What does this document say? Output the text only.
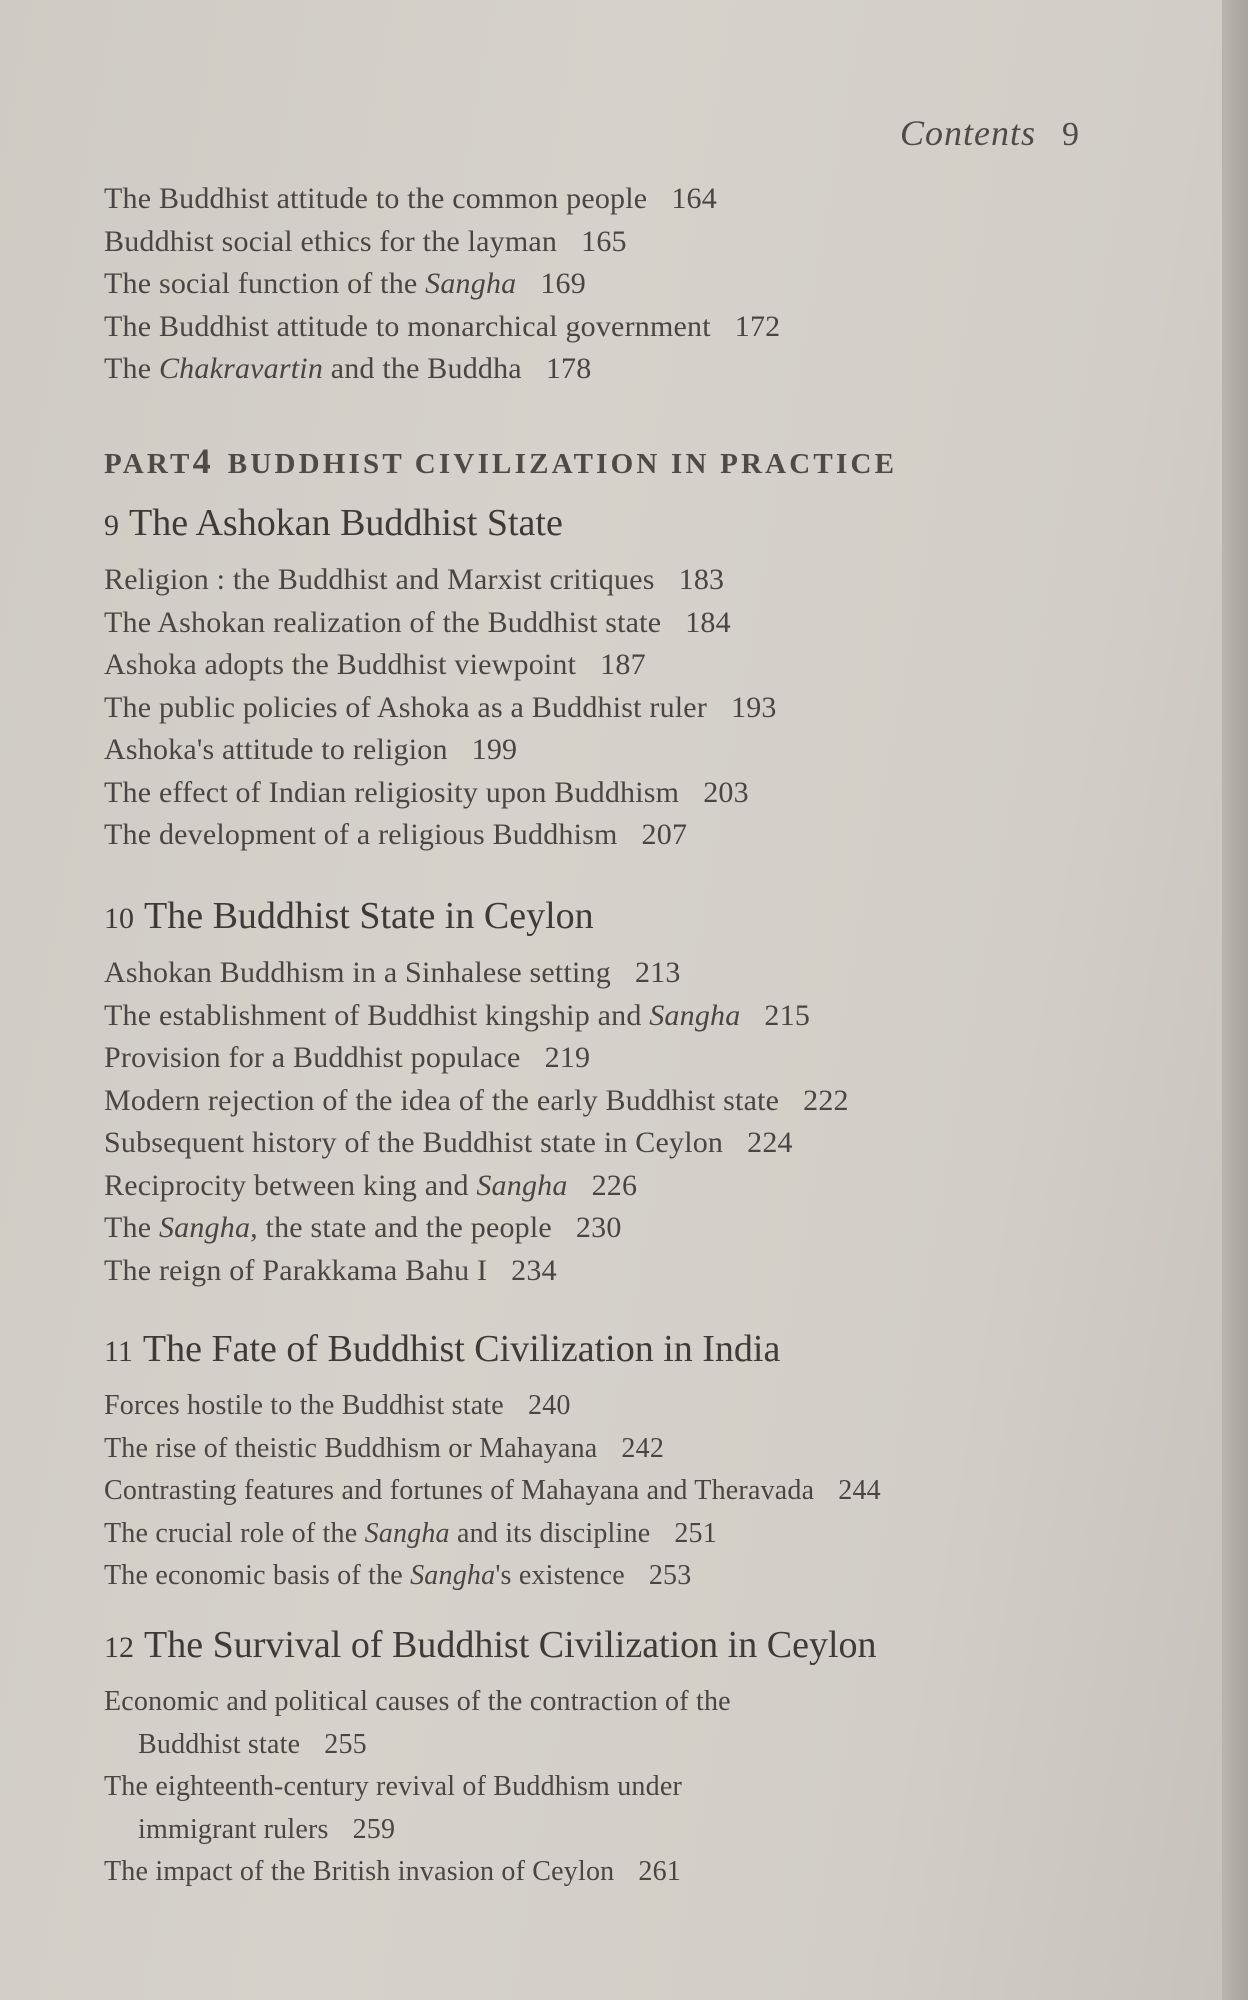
Contents 9
The Buddhist attitude to the common people 164
Buddhist social ethics for the layman 165
The social function of the Sangha 169
The Buddhist attitude to monarchical government 172
The Chakravartin and the Buddha 178
PART4 BUDDHIST CIVILIZATION IN PRACTICE
9 The Ashokan Buddhist State
Religion : the Buddhist and Marxist critiques 183
The Ashokan realization of the Buddhist state 184
Ashoka adopts the Buddhist viewpoint 187
The public policies of Ashoka as a Buddhist ruler 193
Ashoka's attitude to religion 199
The effect of Indian religiosity upon Buddhism 203
The development of a religious Buddhism 207
10 The Buddhist State in Ceylon
Ashokan Buddhism in a Sinhalese setting 213
The establishment of Buddhist kingship and Sangha 215
Provision for a Buddhist populace 219
Modern rejection of the idea of the early Buddhist state 222
Subsequent history of the Buddhist state in Ceylon 224
Reciprocity between king and Sangha 226
The Sangha, the state and the people 230
The reign of Parakkama Bahu I 234
11 The Fate of Buddhist Civilization in India
Forces hostile to the Buddhist state 240
The rise of theistic Buddhism or Mahayana 242
Contrasting features and fortunes of Mahayana and Theravada 244
The crucial role of the Sangha and its discipline 251
The economic basis of the Sangha's existence 253
12 The Survival of Buddhist Civilization in Ceylon
Economic and political causes of the contraction of the
Buddhist state 255
The eighteenth-century revival of Buddhism under
immigrant rulers 259
The impact of the British invasion of Ceylon 261
